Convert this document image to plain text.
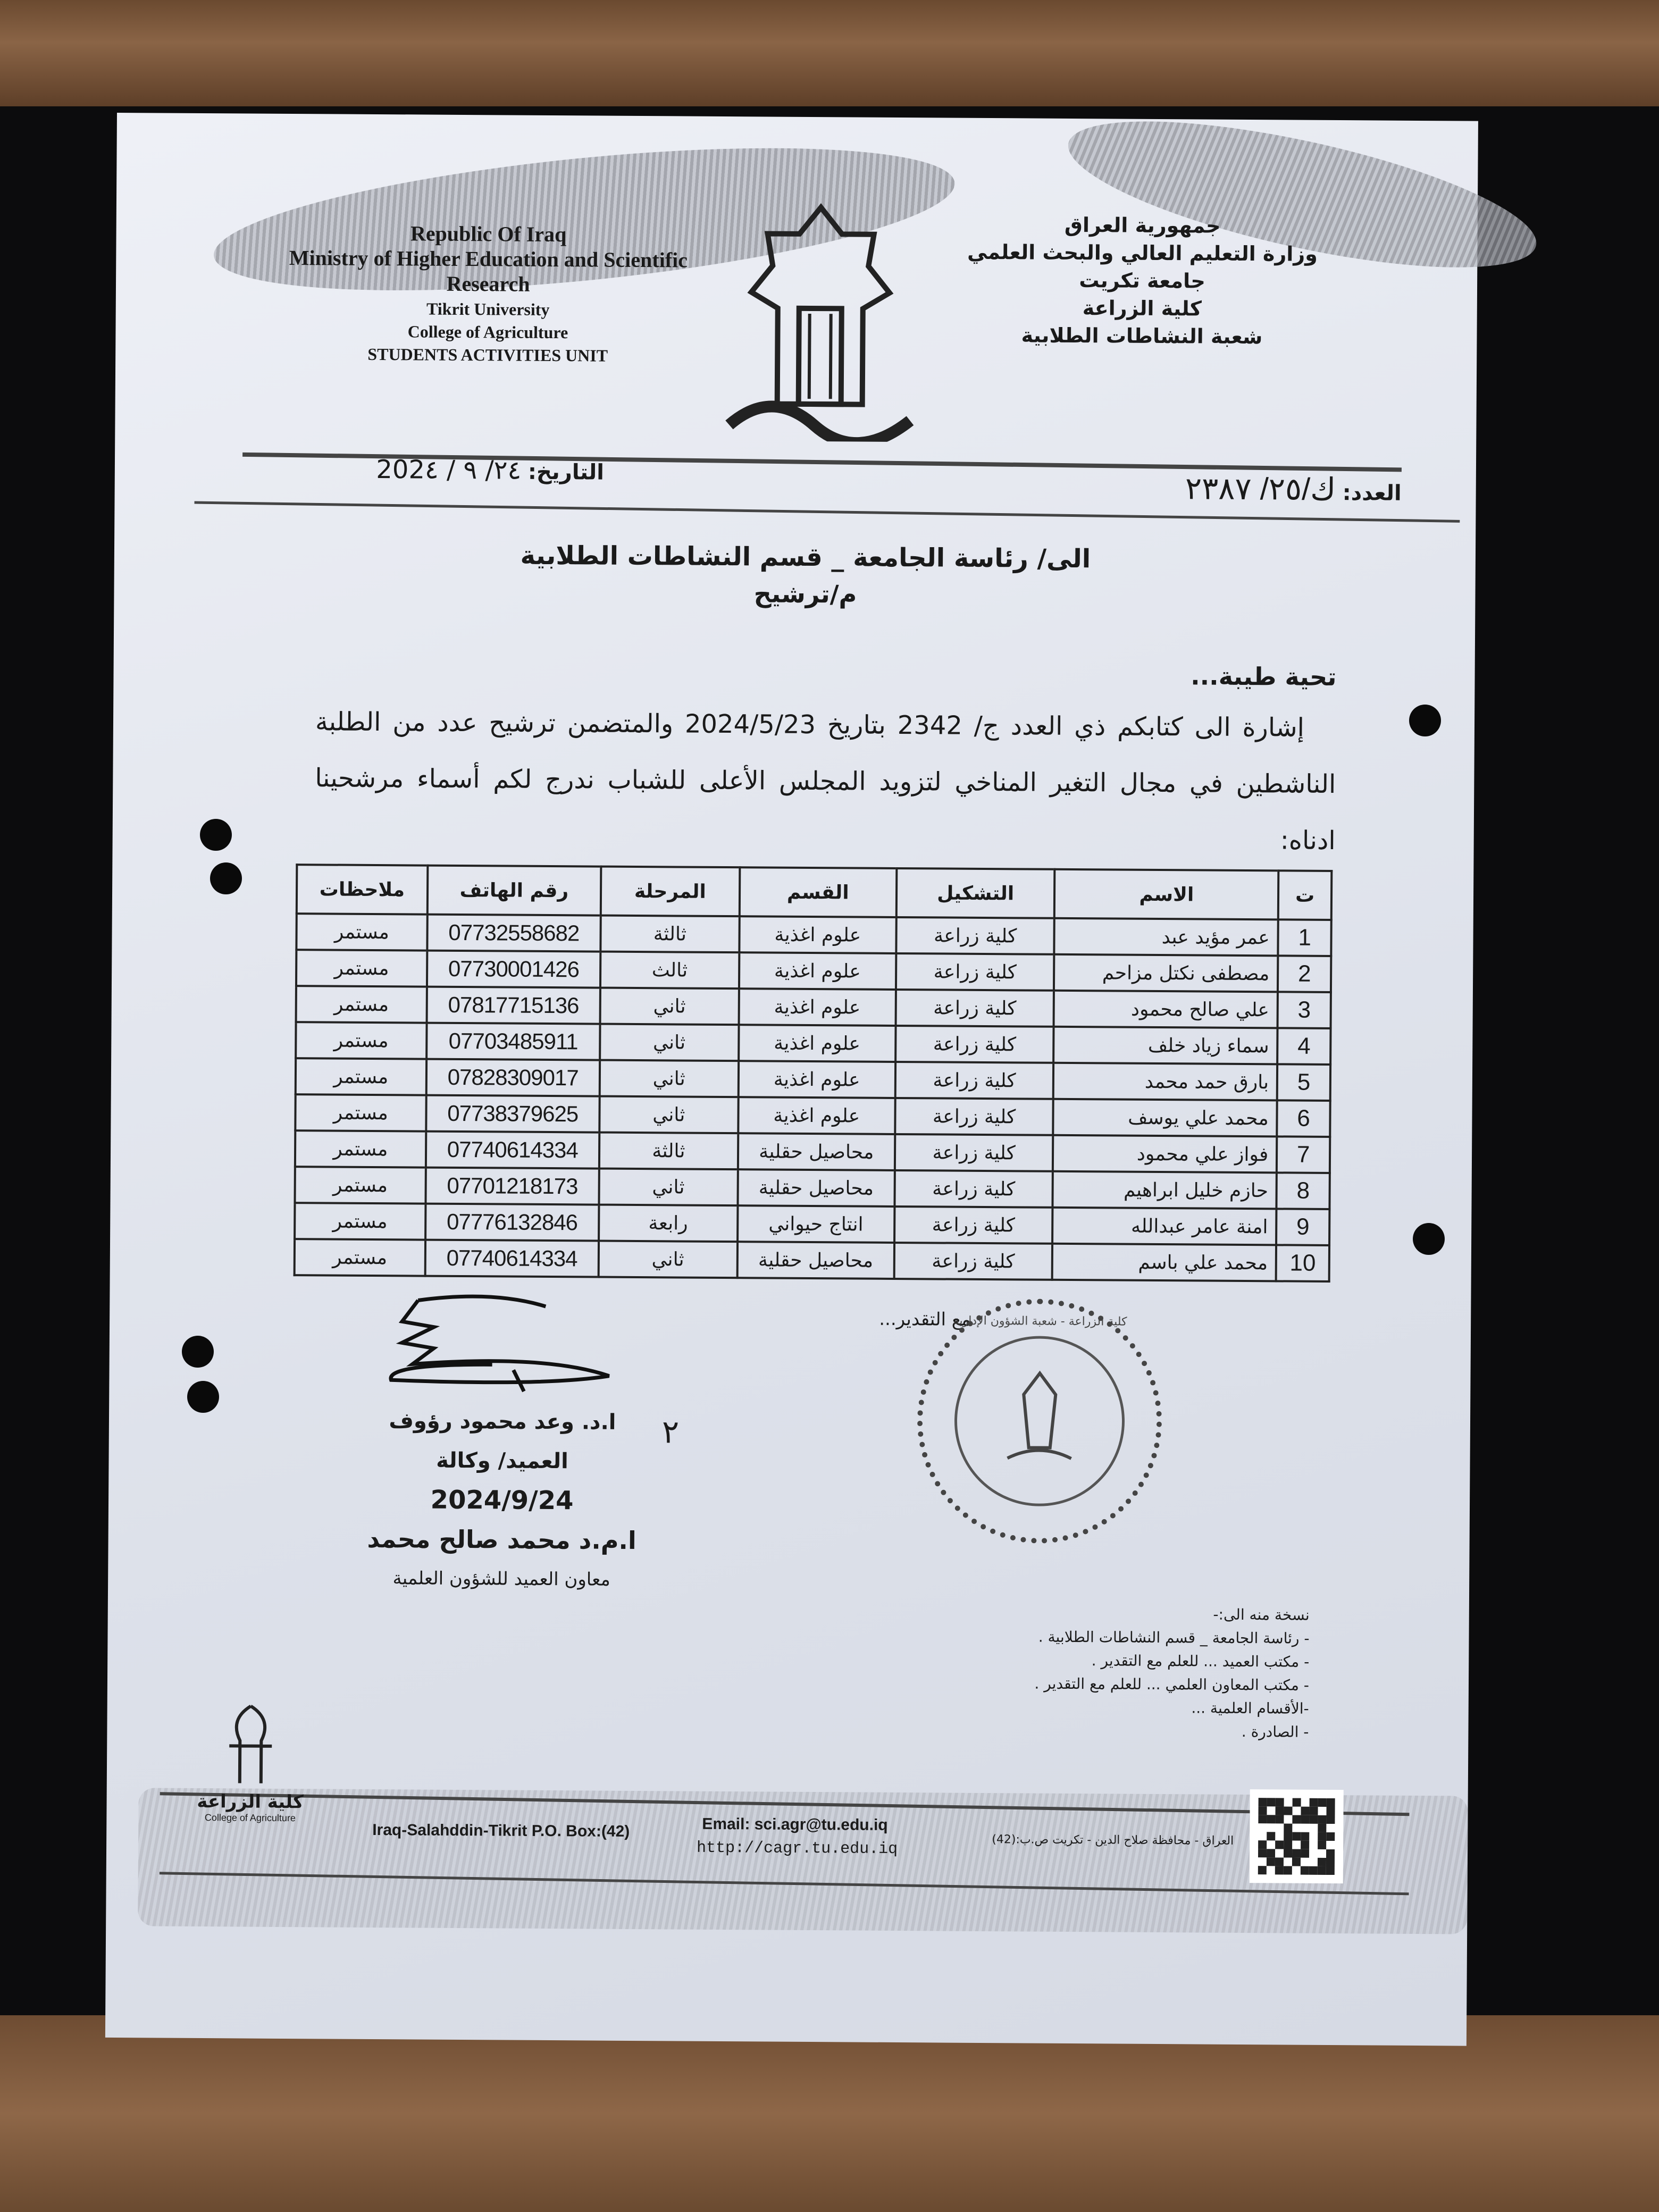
Republic Of Iraq
Ministry of Higher Education and Scientific
Research
Tikrit University
College of Agriculture
STUDENTS ACTIVITIES UNIT
جمهورية العراق
وزارة التعليم العالي والبحث العلمي
جامعة تكريت
كلية الزراعة
شعبة النشاطات الطلابية
العدد: ك/٢٥/ ٢٣٨٧
التاريخ: ٢٤/ ٩ / 202٤
الى/ رئاسة الجامعة _ قسم النشاطات الطلابية
م/ترشيح
تحية طيبة...
إشارة الى كتابكم ذي العدد ج/ 2342 بتاريخ 2024/5/23 والمتضمن ترشيح عدد من الطلبة الناشطين في مجال التغير المناخي لتزويد المجلس الأعلى للشباب ندرج لكم أسماء مرشحينا ادناه:
ت	الاسم	التشكيل	القسم	المرحلة	رقم الهاتف	ملاحظات
1	عمر مؤيد عبد	كلية زراعة	علوم اغذية	ثالثة	07732558682	مستمر
2	مصطفى نكتل مزاحم	كلية زراعة	علوم اغذية	ثالث	07730001426	مستمر
3	علي صالح محمود	كلية زراعة	علوم اغذية	ثاني	07817715136	مستمر
4	سماء زياد خلف	كلية زراعة	علوم اغذية	ثاني	07703485911	مستمر
5	بارق حمد محمد	كلية زراعة	علوم اغذية	ثاني	07828309017	مستمر
6	محمد علي يوسف	كلية زراعة	علوم اغذية	ثاني	07738379625	مستمر
7	فواز علي محمود	كلية زراعة	محاصيل حقلية	ثالثة	07740614334	مستمر
8	حازم خليل ابراهيم	كلية زراعة	محاصيل حقلية	ثاني	07701218173	مستمر
9	امنة عامر عبدالله	كلية زراعة	انتاج حيواني	رابعة	07776132846	مستمر
10	محمد علي باسم	كلية زراعة	محاصيل حقلية	ثاني	07740614334	مستمر
مع التقدير...
٢
ا.د. وعد محمود رؤوف
العميد/ وكالة
2024/9/24
ا.م.د محمد صالح محمد
معاون العميد للشؤون العلمية
كلية الزراعة - شعبة الشؤون الإدارية
نسخة منه الى:-
- رئاسة الجامعة _ قسم النشاطات الطلابية .
- مكتب العميد ... للعلم مع التقدير .
- مكتب المعاون العلمي ... للعلم مع التقدير .
-الأقسام العلمية ...
- الصادرة .
كلية الزراعة
College of Agriculture
Iraq-Salahddin-Tikrit P.O. Box:(42)	Email: sci.agr@tu.edu.iq
http://cagr.tu.edu.iq	العراق - محافظة صلاح الدين - تكريت ص.ب:(42)
